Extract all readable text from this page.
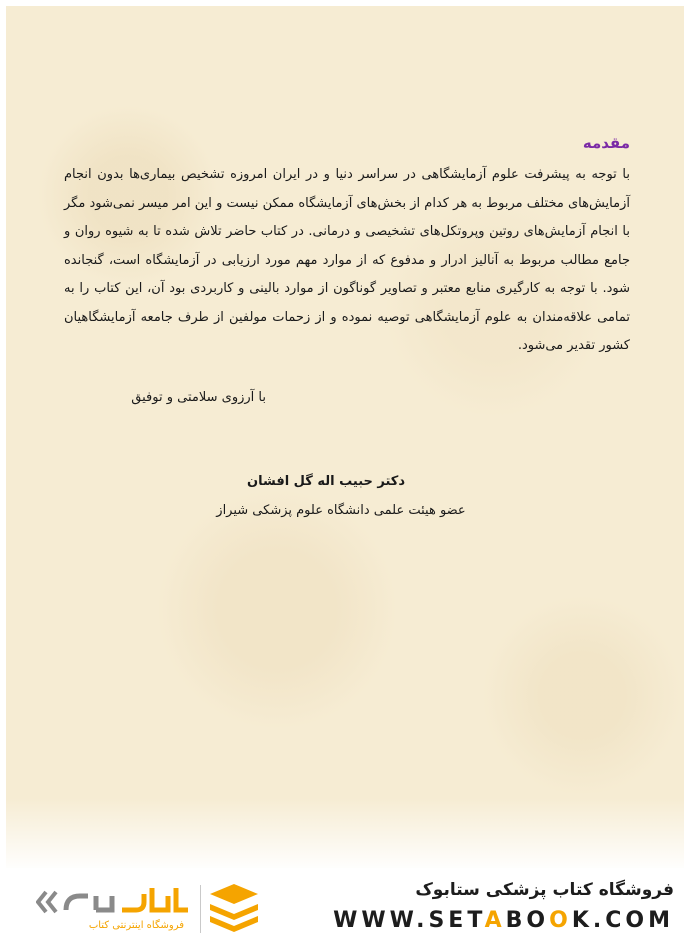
مقدمه

با توجه به پیشرفت علوم آزمایشگاهی در سراسر دنیا و در ایران امروزه تشخیص بیماری‌ها بدون انجام آزمایش‌های مختلف مربوط به هر کدام از بخش‌های آزمایشگاه ممکن نیست و این امر میسر نمی‌شود مگر با انجام آزمایش‌های روتین وپروتکل‌های تشخیصی و درمانی. در کتاب حاضر تلاش شده تا به شیوه روان و جامع مطالب مربوط به آنالیز ادرار و مدفوع که از موارد مهم مورد ارزیابی در آزمایشگاه است، گنجانده شود. با توجه به کارگیری منابع معتبر و تصاویر گوناگون از موارد بالینی و کاربردی بود آن، این کتاب را به تمامی علاقه‌مندان به علوم آزمایشگاهی توصیه نموده و از زحمات مولفین از طرف جامعه آزمایشگاهیان کشور تقدیر می‌شود.

با آرزوی سلامتی و توفیق

دکتر حبیب اله گل افشان

عضو هیئت علمی دانشگاه علوم پزشکی شیراز

فروشگاه اینترنتی کتاب

فروشگاه کتاب پزشکی ستابوک

WWW.SETABOOK.COM
